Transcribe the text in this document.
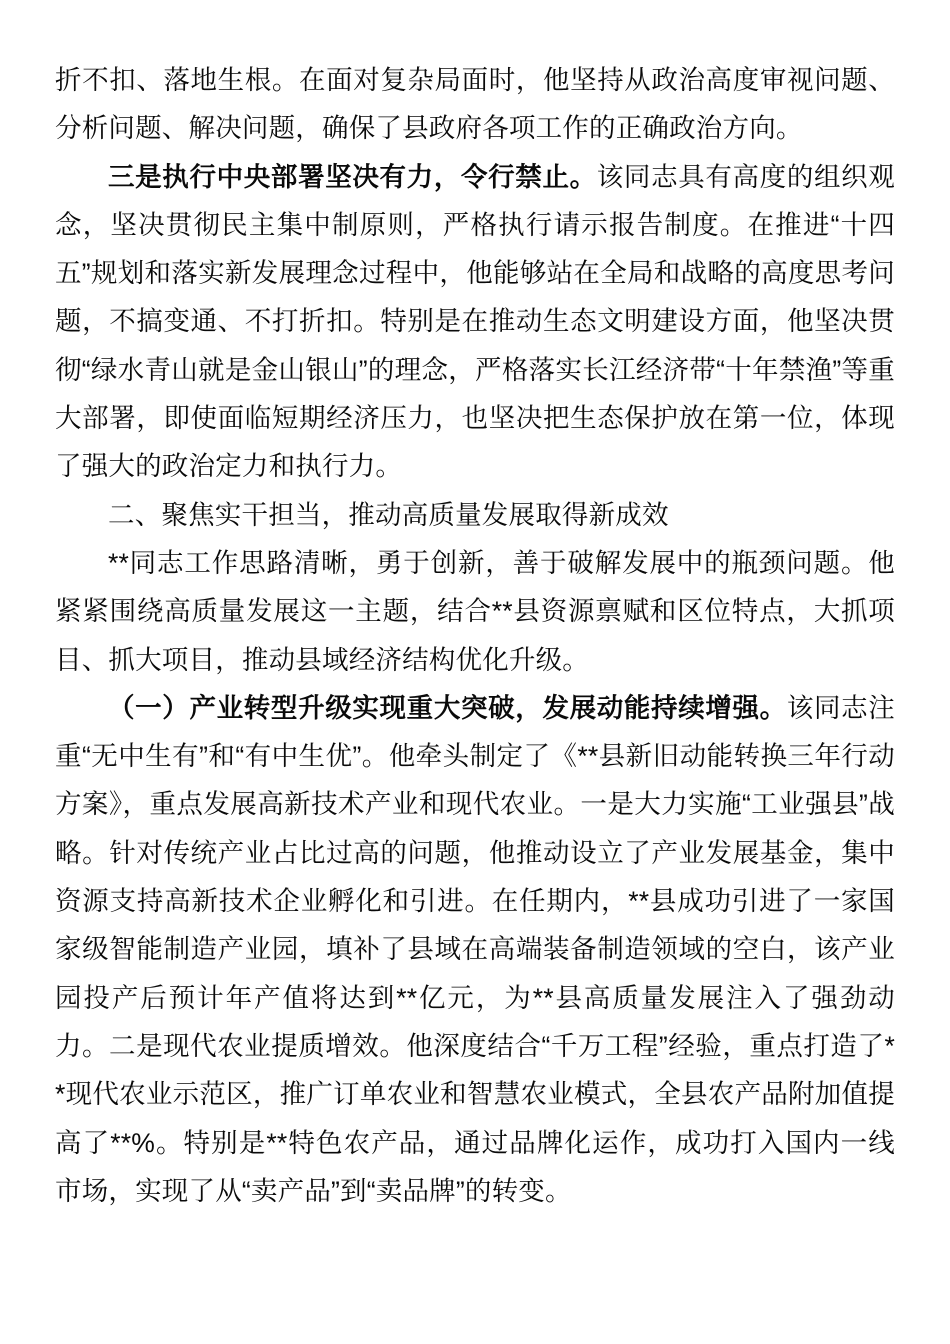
折不扣、落地生根。在面对复杂局面时，他坚持从政治高度审视问题、分析问题、解决问题，确保了县政府各项工作的正确政治方向。

三是执行中央部署坚决有力，令行禁止。该同志具有高度的组织观念，坚决贯彻民主集中制原则，严格执行请示报告制度。在推进“十四五”规划和落实新发展理念过程中，他能够站在全局和战略的高度思考问题，不搞变通、不打折扣。特别是在推动生态文明建设方面，他坚决贯彻“绿水青山就是金山银山”的理念，严格落实长江经济带“十年禁渔”等重大部署，即使面临短期经济压力，也坚决把生态保护放在第一位，体现了强大的政治定力和执行力。

二、聚焦实干担当，推动高质量发展取得新成效

**同志工作思路清晰，勇于创新，善于破解发展中的瓶颈问题。他紧紧围绕高质量发展这一主题，结合**县资源禀赋和区位特点，大抓项目、抓大项目，推动县域经济结构优化升级。

（一）产业转型升级实现重大突破，发展动能持续增强。该同志注重“无中生有”和“有中生优”。他牵头制定了《**县新旧动能转换三年行动方案》，重点发展高新技术产业和现代农业。一是大力实施“工业强县”战略。针对传统产业占比过高的问题，他推动设立了产业发展基金，集中资源支持高新技术企业孵化和引进。在任期内，**县成功引进了一家国家级智能制造产业园，填补了县域在高端装备制造领域的空白，该产业园投产后预计年产值将达到**亿元，为**县高质量发展注入了强劲动力。二是现代农业提质增效。他深度结合“千万工程”经验，重点打造了**现代农业示范区，推广订单农业和智慧农业模式，全县农产品附加值提高了**%。特别是**特色农产品，通过品牌化运作，成功打入国内一线市场，实现了从“卖产品”到“卖品牌”的转变。
